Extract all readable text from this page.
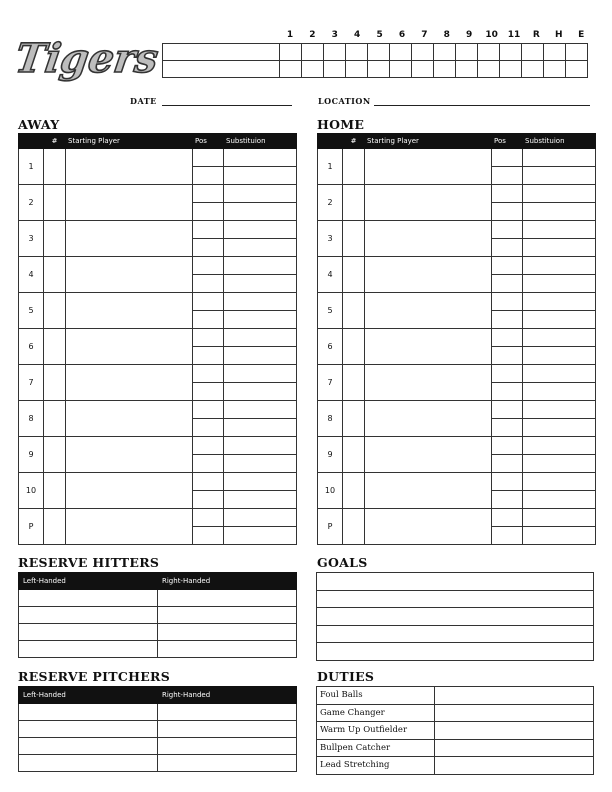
Tigers
1	2	3	4	5	6	7	8	9	10	11	R	H	E

DATE	LOCATION
AWAY
	#	Starting Player	Pos	Substituion
1				

2				

3				

4				

5				

6				

7				

8				

9				

10				

P				

HOME
	#	Starting Player	Pos	Substituion
1				

2				

3				

4				

5				

6				

7				

8				

9				

10				

P				

RESERVE HITTERS
Left-Handed	Right-Handed

GOALS

RESERVE PITCHERS
Left-Handed	Right-Handed

DUTIES
Foul Balls	
Game Changer	
Warm Up Outfielder	
Bullpen Catcher	
Lead Stretching	
